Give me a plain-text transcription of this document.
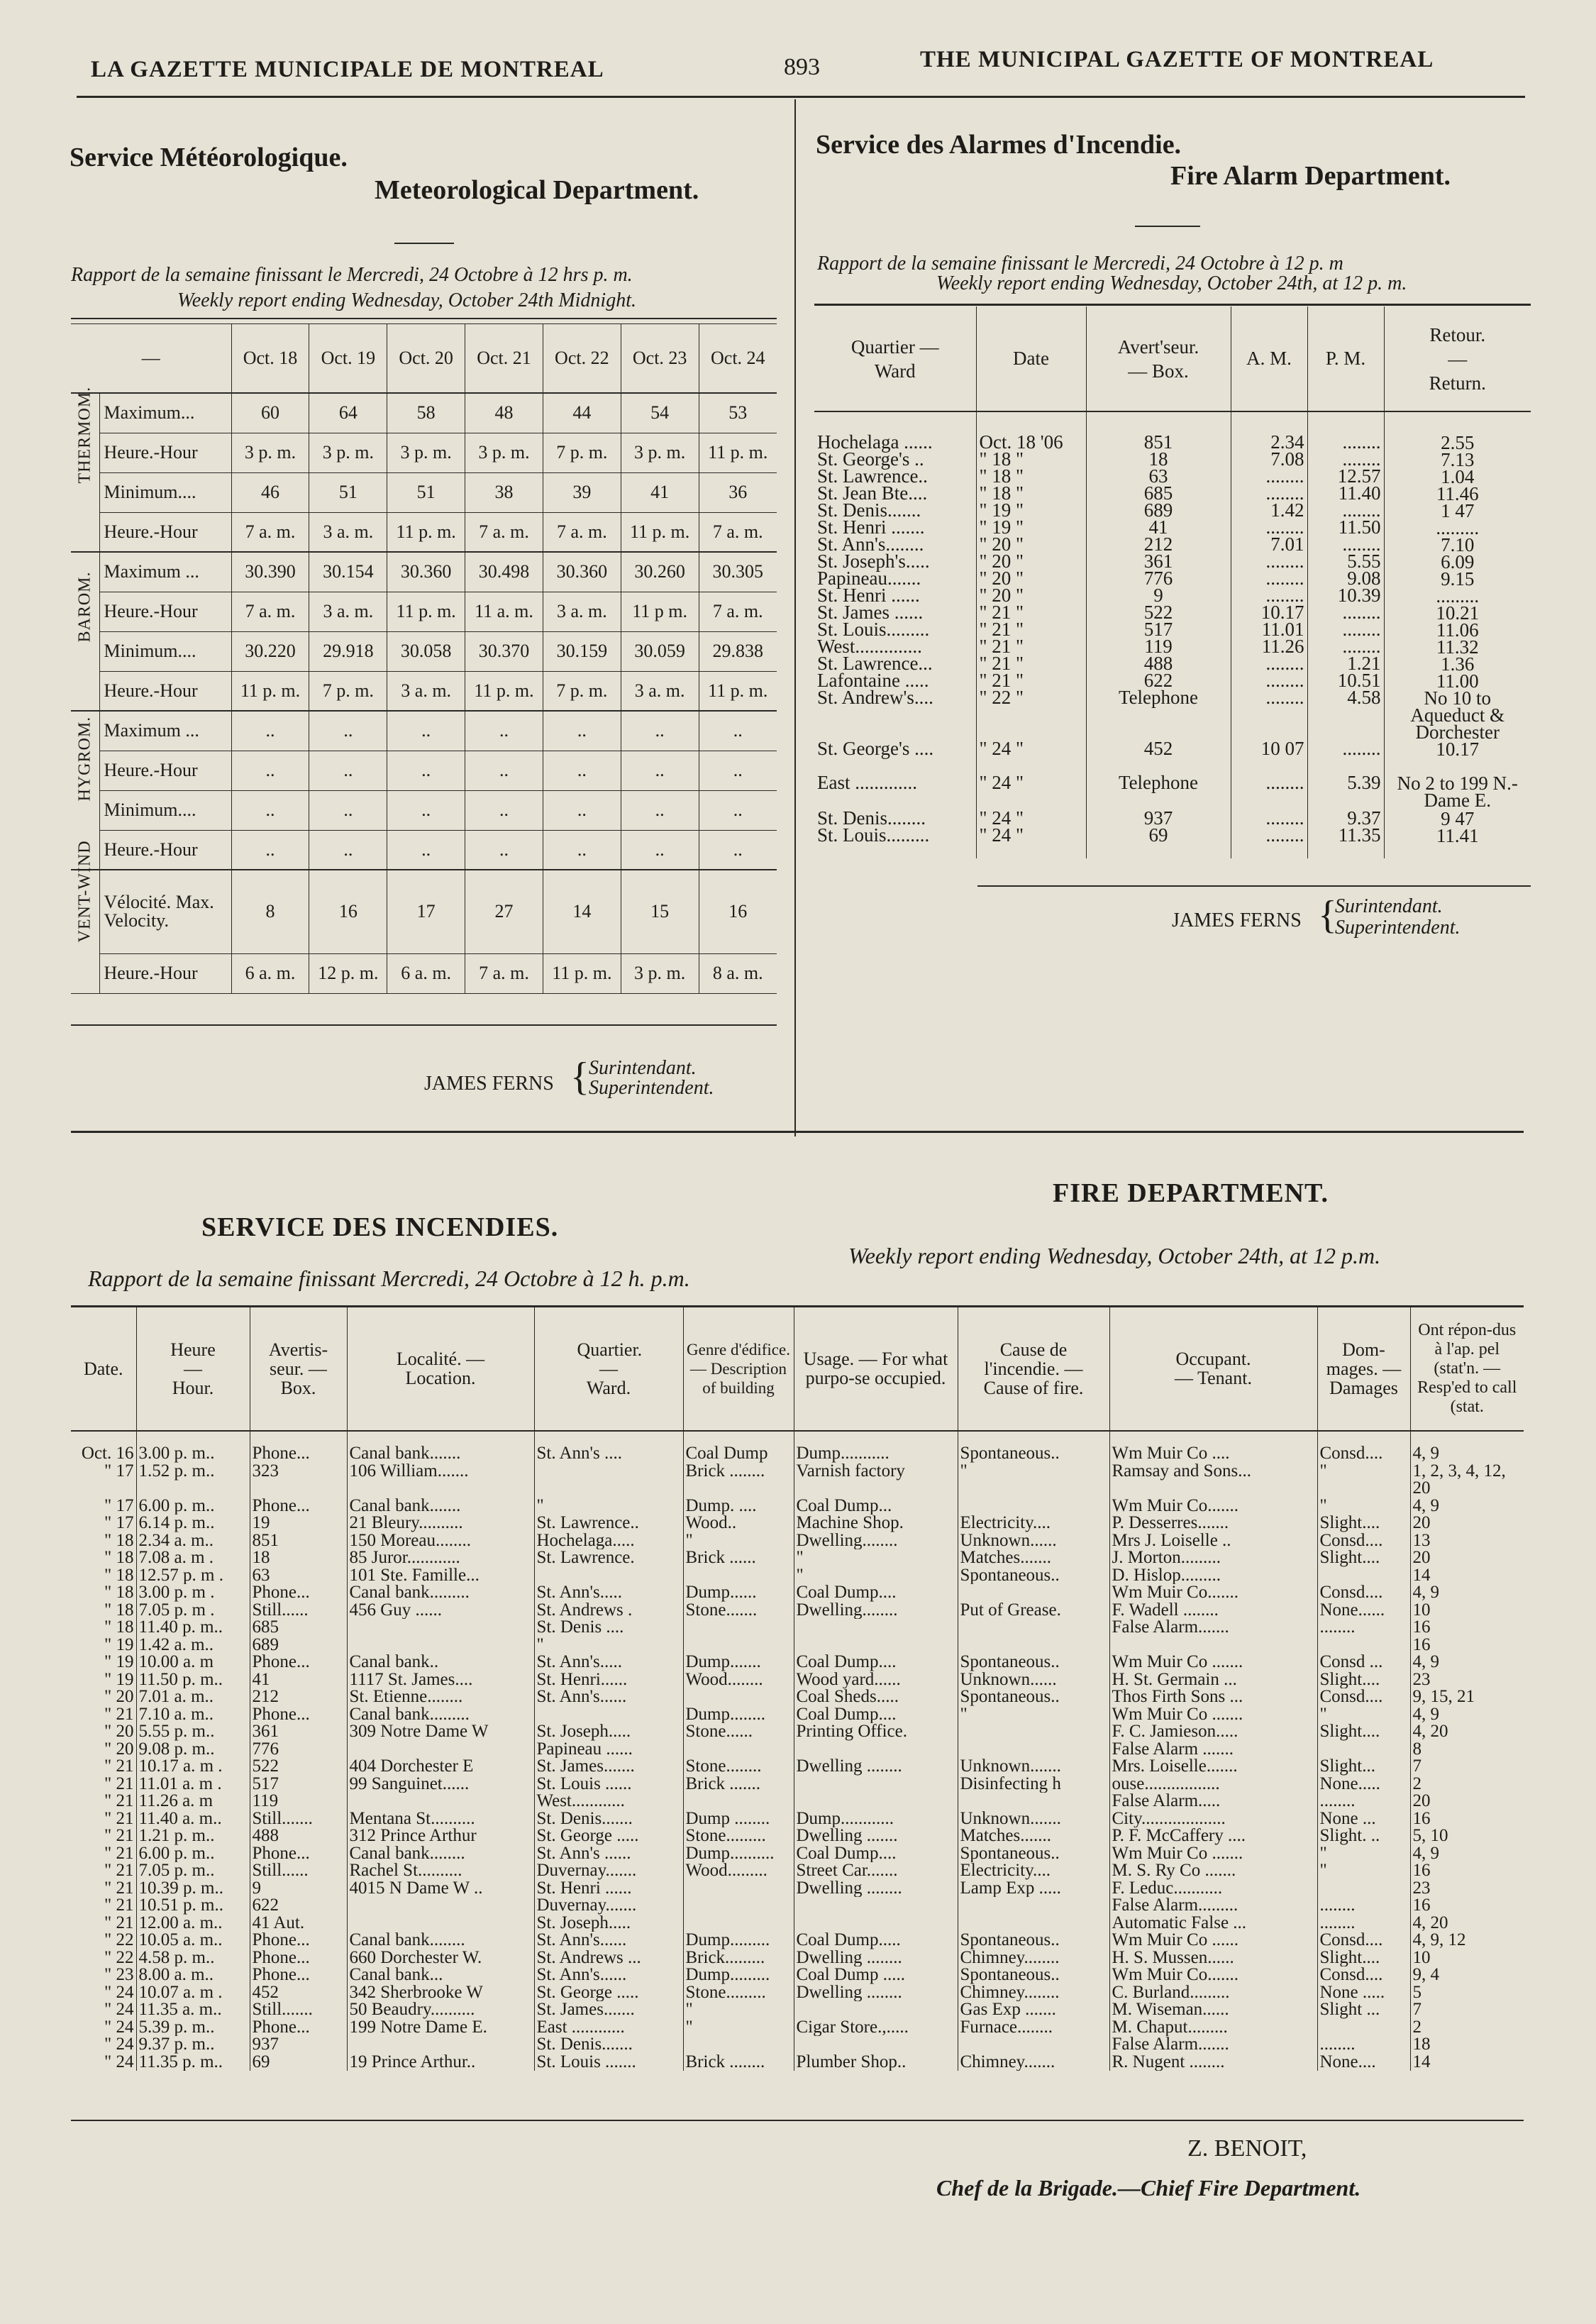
LA GAZETTE MUNICIPALE DE MONTREAL	893	THE MUNICIPAL GAZETTE OF MONTREAL
Service Météorologique.
Meteorological Department.
Rapport de la semaine finissant le Mercredi, 24 Octobre à 12 hrs p. m.
Weekly report ending Wednesday, October 24th Midnight.
—		Oct. 18	Oct. 19	Oct. 20	Oct. 21	Oct. 22	Oct. 23	Oct. 24

THERMOM.	Maximum...	60	64	58	48	44	54	53
	Heure.-Hour	3 p. m.	3 p. m.	3 p. m.	3 p. m.	7 p. m.	3 p. m.	11 p. m.
	Minimum....	46	51	51	38	39	41	36
	Heure.-Hour	7 a. m.	3 a. m.	11 p. m.	7 a. m.	7 a. m.	11 p. m.	7 a. m.

BAROM.	Maximum ...	30.390	30.154	30.360	30.498	30.360	30.260	30.305
	Heure.-Hour	7 a. m.	3 a. m.	11 p. m.	11 a. m.	3 a. m.	11 p m.	7 a. m.
	Minimum....	30.220	29.918	30.058	30.370	30.159	30.059	29.838
	Heure.-Hour	11 p. m.	7 p. m.	3 a. m.	11 p. m.	7 p. m.	3 a. m.	11 p. m.

HYGROM.	Maximum ...	..	..	..	..	..	..	..
	Heure.-Hour	..	..	..	..	..	..	..
	Minimum....	..	..	..	..	..	..	..
	Heure.-Hour	..	..	..	..	..	..	..

VENT-WIND	Vélocité. Max. Velocity.	8	16	17	27	14	15	16
	Heure.-Hour	6 a. m.	12 p. m.	6 a. m.	7 a. m.	11 p. m.	3 p. m.	8 a. m.
JAMES FERNS { Surintendant.
Superintendent.
Service des Alarmes d'Incendie.
Fire Alarm Department.
Rapport de la semaine finissant le Mercredi, 24 Octobre à 12 p. m
Weekly report ending Wednesday, October 24th, at 12 p. m.
Quartier — Ward	Date	Avert'seur. — Box.	A. M.	P. M.	Retour. — Return.

Hochelaga ......	Oct. 18 '06	851	2.34	........	2.55
St. George's ..	" 18 "	18	7.08	........	7.13
St. Lawrence..	" 18 "	63	........	12.57	1.04
St. Jean Bte....	" 18 "	685	........	11.40	11.46
St. Denis.......	" 19 "	689	1.42	........	1 47
St. Henri .......	" 19 "	41	........	11.50	.........
St. Ann's........	" 20 "	212	7.01	........	7.10
St. Joseph's.....	" 20 "	361	........	5.55	6.09
Papineau.......	" 20 "	776	........	9.08	9.15
St. Henri ......	" 20 "	9	........	10.39	.........
St. James ......	" 21 "	522	10.17	........	10.21
St. Louis.........	" 21 "	517	11.01	........	11.06
West..............	" 21 "	119	11.26	........	11.32
St. Lawrence...	" 21 "	488	........	1.21	1.36
Lafontaine .....	" 21 "	622	........	10.51	11.00
St. Andrew's....	" 22 "	Telephone	........	4.58	No 10 to Aqueduct & Dorchester
St. George's ....	" 24 "	452	10 07	........	10.17
East .............	" 24 "	Telephone	........	5.39	No 2 to 199 N.-Dame E.
St. Denis........	" 24 "	937	........	9.37	9 47
St. Louis.........	" 24 "	69	........	11.35	11.41

JAMES FERNS {
Surintendant.
Superintendent.
FIRE DEPARTMENT.
SERVICE DES INCENDIES.
Rapport de la semaine finissant Mercredi, 24 Octobre à 12 h. p.m.
Weekly report ending Wednesday, October 24th, at 12 p.m.
Date.	Heure — Hour.	Avertis-seur. — Box.	Localité. — Location.	Quartier. — Ward.	Genre d'édifice. — Description of building	Usage. — For what purpo-se occupied.	Cause de l'incendie. — Cause of fire.	Occupant. — Tenant.	Dom-mages. — Damages	Ont répon-dus à l'ap. pel (stat'n. — Resp'ed to call (stat.

Oct. 16	3.00 p. m..	Phone...	Canal bank.......	St. Ann's ....	Coal Dump	Dump...........	Spontaneous..	Wm Muir Co ....	Consd....	4, 9
" 17	1.52 p. m..	323	106 William.......		Brick ........	Varnish factory	"	Ramsay and Sons...	"	1, 2, 3, 4, 12, 20
" 17	6.00 p. m..	Phone...	Canal bank.......	"	Dump. ....	Coal Dump...		Wm Muir Co.......	"	4, 9
" 17	6.14 p. m..	19	21 Bleury..........	St. Lawrence..	Wood..	Machine Shop.	Electricity....	P. Desserres.......	Slight....	20
" 18	2.34 a. m..	851	150 Moreau........	Hochelaga.....	"	Dwelling........	Unknown......	Mrs J. Loiselle ..	Consd....	13
" 18	7.08 a. m .	18	85 Juror............	St. Lawrence.	Brick ......	"	Matches.......	J. Morton.........	Slight....	20
" 18	12.57 p. m .	63	101 Ste. Famille...			"	Spontaneous..	D. Hislop.........		14
" 18	3.00 p. m .	Phone...	Canal bank.........	St. Ann's.....	Dump......	Coal Dump....		Wm Muir Co.......	Consd....	4, 9
" 18	7.05 p. m .	Still......	456 Guy ......	St. Andrews .	Stone.......	Dwelling........	Put of Grease.	F. Wadell ........	None......	10
" 18	11.40 p. m..	685		St. Denis ....				False Alarm.......	........	16
" 19	1.42 a. m..	689		"						16
" 19	10.00 a. m	Phone...	Canal bank..	St. Ann's.....	Dump.......	Coal Dump....	Spontaneous..	Wm Muir Co .......	Consd ...	4, 9
" 19	11.50 p. m..	41	1117 St. James....	St. Henri......	Wood........	Wood yard......	Unknown......	H. St. Germain ...	Slight....	23
" 20	7.01 a. m..	212	St. Etienne........	St. Ann's......		Coal Sheds.....	Spontaneous..	Thos Firth Sons ...	Consd....	9, 15, 21
" 21	7.10 a. m..	Phone...	Canal bank.........		Dump........	Coal Dump....	"	Wm Muir Co .......	"	4, 9
" 20	5.55 p. m..	361	309 Notre Dame W	St. Joseph.....	Stone......	Printing Office.		F. C. Jamieson.....	Slight....	4, 20
" 20	9.08 p. m..	776		Papineau ......				False Alarm .......		8
" 21	10.17 a. m .	522	404 Dorchester E	St. James.......	Stone........	Dwelling ........	Unknown.......	Mrs. Loiselle.......	Slight...	7
" 21	11.01 a. m .	517	99 Sanguinet......	St. Louis ......	Brick .......		Disinfecting h	ouse.................	None.....	2
" 21	11.26 a. m	119		West............				False Alarm.....	........	20
" 21	11.40 a. m..	Still.......	Mentana St..........	St. Denis.......	Dump ........	Dump............	Unknown.......	City...................	None ...	16
" 21	1.21 p. m..	488	312 Prince Arthur	St. George .....	Stone.........	Dwelling .......	Matches.......	P. F. McCaffery ....	Slight. ..	5, 10
" 21	6.00 p. m..	Phone...	Canal bank........	St. Ann's ......	Dump..........	Coal Dump....	Spontaneous..	Wm Muir Co .......	"	4, 9
" 21	7.05 p. m..	Still......	Rachel St..........	Duvernay.......	Wood.........	Street Car.......	Electricity....	M. S. Ry Co .......	"	16
" 21	10.39 p. m..	9	4015 N Dame W ..	St. Henri ......		Dwelling ........	Lamp Exp .....	F. Leduc...........		23
" 21	10.51 p. m..	622		Duvernay.......				False Alarm.........	........	16
" 21	12.00 a. m..	41 Aut.		St. Joseph.....				Automatic False ...	........	4, 20
" 22	10.05 a. m..	Phone...	Canal bank........	St. Ann's......	Dump.........	Coal Dump.....	Spontaneous..	Wm Muir Co ......	Consd....	4, 9, 12
" 22	4.58 p. m..	Phone...	660 Dorchester W.	St. Andrews ...	Brick.........	Dwelling ........	Chimney........	H. S. Mussen......	Slight....	10
" 23	8.00 a. m..	Phone...	Canal bank...	St. Ann's......	Dump.........	Coal Dump .....	Spontaneous..	Wm Muir Co.......	Consd....	9, 4
" 24	10.07 a. m .	452	342 Sherbrooke W	St. George .....	Stone.........	Dwelling ........	Chimney........	C. Burland.........	None .....	5
" 24	11.35 a. m..	Still.......	50 Beaudry..........	St. James.......	"		Gas Exp .......	M. Wiseman......	Slight ...	7
" 24	5.39 p. m..	Phone...	199 Notre Dame E.	East ............	"	Cigar Store.,.....	Furnace........	M. Chaput.........		2
" 24	9.37 p. m..	937		St. Denis.......				False Alarm.......	........	18
" 24	11.35 p. m..	69	19 Prince Arthur..	St. Louis .......	Brick ........	Plumber Shop..	Chimney.......	R. Nugent ........	None....	14
Z. BENOIT,
Chef de la Brigade.—Chief Fire Department.
